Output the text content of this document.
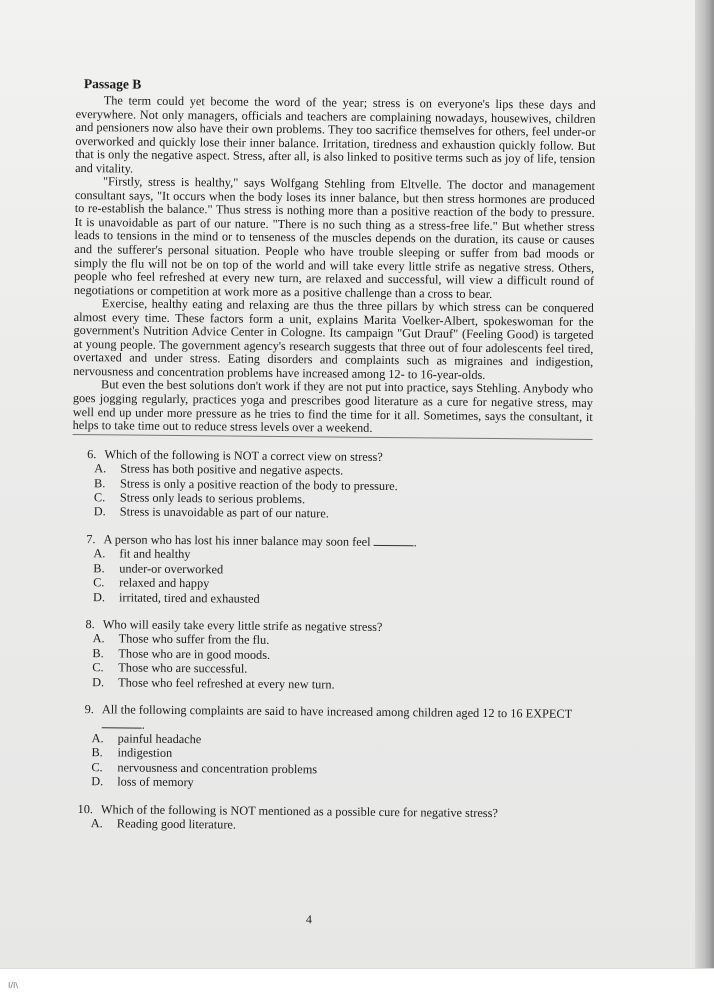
Passage B

The term could yet become the word of the year; stress is on everyone's lips these days and everywhere. Not only managers, officials and teachers are complaining nowadays, housewives, children and pensioners now also have their own problems. They too sacrifice themselves for others, feel under-or overworked and quickly lose their inner balance. Irritation, tiredness and exhaustion quickly follow. But that is only the negative aspect. Stress, after all, is also linked to positive terms such as joy of life, tension and vitality.

"Firstly, stress is healthy," says Wolfgang Stehling from Eltvelle. The doctor and management consultant says, "It occurs when the body loses its inner balance, but then stress hormones are produced to re-establish the balance." Thus stress is nothing more than a positive reaction of the body to pressure. It is unavoidable as part of our nature. "There is no such thing as a stress-free life." But whether stress leads to tensions in the mind or to tenseness of the muscles depends on the duration, its cause or causes and the sufferer's personal situation. People who have trouble sleeping or suffer from bad moods or simply the flu will not be on top of the world and will take every little strife as negative stress. Others, people who feel refreshed at every new turn, are relaxed and successful, will view a difficult round of negotiations or competition at work more as a positive challenge than a cross to bear.

Exercise, healthy eating and relaxing are thus the three pillars by which stress can be conquered almost every time. These factors form a unit, explains Marita Voelker-Albert, spokeswoman for the government's Nutrition Advice Center in Cologne. Its campaign "Gut Drauf" (Feeling Good) is targeted at young people. The government agency's research suggests that three out of four adolescents feel tired, overtaxed and under stress. Eating disorders and complaints such as migraines and indigestion, nervousness and concentration problems have increased among 12- to 16-year-olds.

But even the best solutions don't work if they are not put into practice, says Stehling. Anybody who goes jogging regularly, practices yoga and prescribes good literature as a cure for negative stress, may well end up under more pressure as he tries to find the time for it all. Sometimes, says the consultant, it helps to take time out to reduce stress levels over a weekend.

6. Which of the following is NOT a correct view on stress?
A.	Stress has both positive and negative aspects.
B.	Stress is only a positive reaction of the body to pressure.
C.	Stress only leads to serious problems.
D.	Stress is unavoidable as part of our nature.
7. A person who has lost his inner balance may soon feel	.
A.	fit and healthy
B.	under-or overworked
C.	relaxed and happy
D.	irritated, tired and exhausted
8. Who will easily take every little strife as negative stress?
A.	Those who suffer from the flu.
B.	Those who are in good moods.
C.	Those who are successful.
D.	Those who feel refreshed at every new turn.
9. All the following complaints are said to have increased among children aged 12 to 16 EXPECT .
A.	painful headache
B.	indigestion
C.	nervousness and concentration problems
D.	loss of memory
10. Which of the following is NOT mentioned as a possible cure for negative stress?
A.	Reading good literature.
4
I/I\
